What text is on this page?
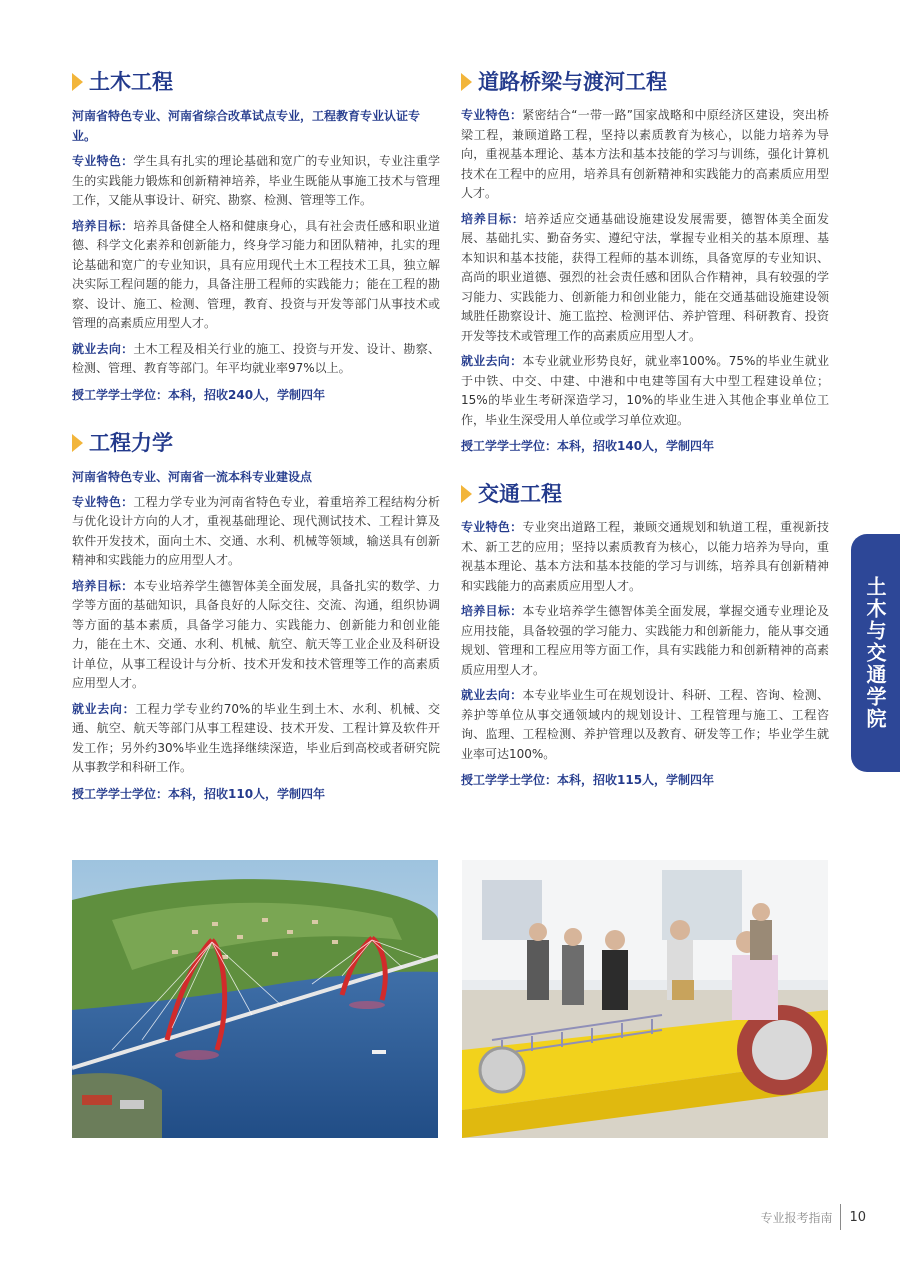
土木工程

河南省特色专业、河南省综合改革试点专业，工程教育专业认证专业。

专业特色：学生具有扎实的理论基础和宽广的专业知识，专业注重学生的实践能力锻炼和创新精神培养，毕业生既能从事施工技术与管理工作，又能从事设计、研究、勘察、检测、管理等工作。

培养目标：培养具备健全人格和健康身心，具有社会责任感和职业道德、科学文化素养和创新能力，终身学习能力和团队精神，扎实的理论基础和宽广的专业知识，具有应用现代土木工程技术工具，独立解决实际工程问题的能力，具备注册工程师的实践能力；能在工程的勘察、设计、施工、检测、管理，教育、投资与开发等部门从事技术或管理的高素质应用型人才。

就业去向：土木工程及相关行业的施工、投资与开发、设计、勘察、检测、管理、教育等部门。年平均就业率97%以上。

授工学学士学位：本科，招收240人，学制四年

工程力学

河南省特色专业、河南省一流本科专业建设点

专业特色：工程力学专业为河南省特色专业，着重培养工程结构分析与优化设计方向的人才，重视基础理论、现代测试技术、工程计算及软件开发技术，面向土木、交通、水利、机械等领域，输送具有创新精神和实践能力的应用型人才。

培养目标：本专业培养学生德智体美全面发展，具备扎实的数学、力学等方面的基础知识，具备良好的人际交往、交流、沟通，组织协调等方面的基本素质，具备学习能力、实践能力、创新能力和创业能力，能在土木、交通、水利、机械、航空、航天等工业企业及科研设计单位，从事工程设计与分析、技术开发和技术管理等工作的高素质应用型人才。

就业去向：工程力学专业约70%的毕业生到土木、水利、机械、交通、航空、航天等部门从事工程建设、技术开发、工程计算及软件开发工作；另外约30%毕业生选择继续深造，毕业后到高校或者研究院从事教学和科研工作。

授工学学士学位：本科，招收110人，学制四年

道路桥梁与渡河工程

专业特色：紧密结合“一带一路”国家战略和中原经济区建设，突出桥梁工程，兼顾道路工程，坚持以素质教育为核心，以能力培养为导向，重视基本理论、基本方法和基本技能的学习与训练，强化计算机技术在工程中的应用，培养具有创新精神和实践能力的高素质应用型人才。

培养目标：培养适应交通基础设施建设发展需要，德智体美全面发展、基础扎实、勤奋务实、遵纪守法，掌握专业相关的基本原理、基本知识和基本技能，获得工程师的基本训练，具备宽厚的专业知识、高尚的职业道德、强烈的社会责任感和团队合作精神，具有较强的学习能力、实践能力、创新能力和创业能力，能在交通基础设施建设领域胜任勘察设计、施工监控、检测评估、养护管理、科研教育、投资开发等技术或管理工作的高素质应用型人才。

就业去向：本专业就业形势良好，就业率100%。75%的毕业生就业于中铁、中交、中建、中港和中电建等国有大中型工程建设单位；15%的毕业生考研深造学习，10%的毕业生进入其他企事业单位工作，毕业生深受用人单位或学习单位欢迎。

授工学学士学位：本科，招收140人，学制四年

交通工程

专业特色：专业突出道路工程，兼顾交通规划和轨道工程，重视新技术、新工艺的应用；坚持以素质教育为核心，以能力培养为导向，重视基本理论、基本方法和基本技能的学习与训练，培养具有创新精神和实践能力的高素质应用型人才。

培养目标：本专业培养学生德智体美全面发展，掌握交通专业理论及应用技能，具备较强的学习能力、实践能力和创新能力，能从事交通规划、管理和工程应用等方面工作，具有实践能力和创新精神的高素质应用型人才。

就业去向：本专业毕业生可在规划设计、科研、工程、咨询、检测、养护等单位从事交通领域内的规划设计、工程管理与施工、工程咨询、监理、工程检测、养护管理以及教育、研发等工作；毕业学生就业率可达100%。

授工学学士学位：本科，招收115人，学制四年

土木与交通学院
专业报考指南 10
